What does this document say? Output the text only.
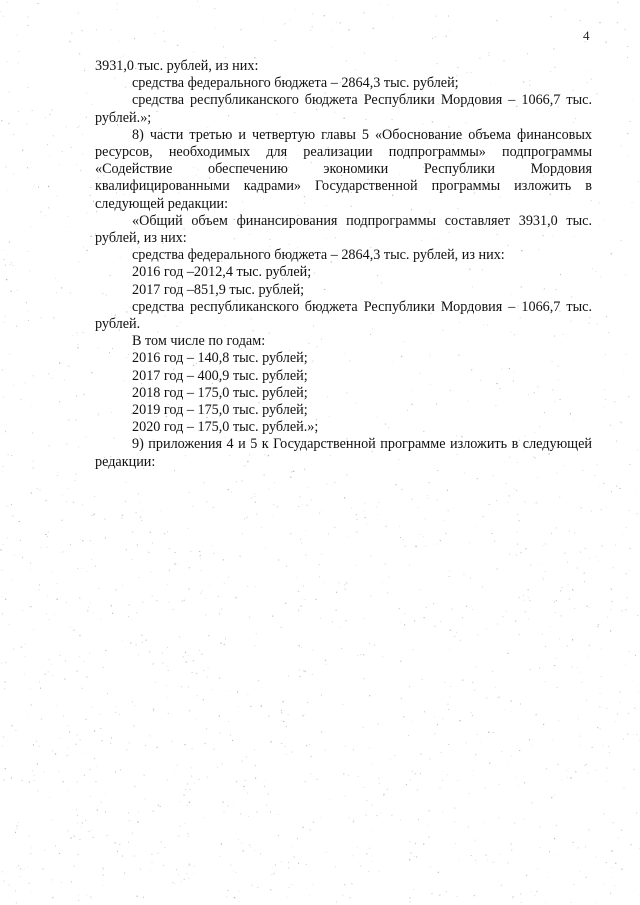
4

3931,0 тыс. рублей, из них:

средства федерального бюджета – 2864,3 тыс. рублей;

средства республиканского бюджета Республики Мордовия – 1066,7 тыс. рублей.»;

8) части третью и четвертую главы 5 «Обоснование объема финансовых ресурсов, необходимых для реализации подпрограммы» подпрограммы «Содействие обеспечению экономики Республики Мордовия квалифицированными кадрами» Государственной программы изложить в следующей редакции:

«Общий объем финансирования подпрограммы составляет 3931,0 тыс. рублей, из них:

средства федерального бюджета – 2864,3 тыс. рублей, из них:

2016 год –2012,4 тыс. рублей;

2017 год –851,9 тыс. рублей;

средства республиканского бюджета Республики Мордовия – 1066,7 тыс. рублей.

В том числе по годам:

2016 год – 140,8 тыс. рублей;

2017 год – 400,9 тыс. рублей;

2018 год – 175,0 тыс. рублей;

2019 год – 175,0 тыс. рублей;

2020 год – 175,0 тыс. рублей.»;

9) приложения 4 и 5 к Государственной программе изложить в следующей редакции:
